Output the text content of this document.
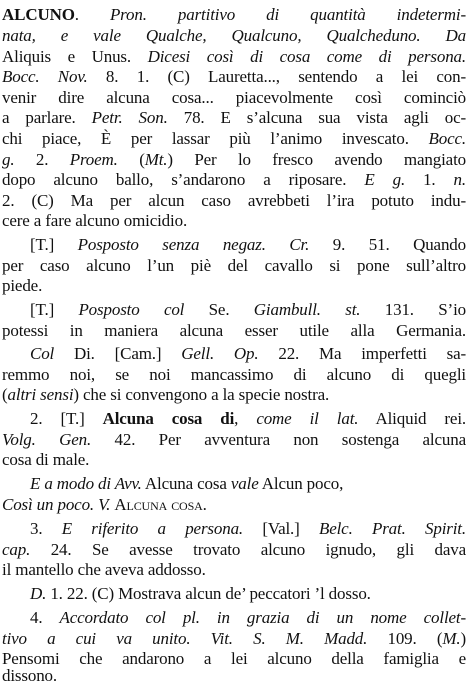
ALCUNO. Pron. partitivo di quantità indetermi-
nata, e vale Qualche, Qualcuno, Qualcheduno. Da
Aliquis e Unus. Dicesi così di cosa come di persona.
Bocc. Nov. 8. 1. (C) Lauretta..., sentendo a lei con-
venir dire alcuna cosa... piacevolmente così cominciò
a parlare. Petr. Son. 78. E s’alcuna sua vista agli oc-
chi piace, È per lassar più l’animo invescato. Bocc.
g. 2. Proem. (Mt.) Per lo fresco avendo mangiato
dopo alcuno ballo, s’andarono a riposare. E g. 1. n.
2. (C) Ma per alcun caso avrebbeti l’ira potuto indu-
cere a fare alcuno omicidio.
[T.] Posposto senza negaz. Cr. 9. 51. Quando
per caso alcuno l’un piè del cavallo si pone sull’altro
piede.
[T.] Posposto col Se. Giambull. st. 131. S’io
potessi in maniera alcuna esser utile alla Germania.
Col Di. [Cam.] Gell. Op. 22. Ma imperfetti sa-
remmo noi, se noi mancassimo di alcuno di quegli
(altri sensi) che si convengono a la specie nostra.
2. [T.] Alcuna cosa di, come il lat. Aliquid rei.
Volg. Gen. 42. Per avventura non sostenga alcuna
cosa di male.
E a modo di Avv. Alcuna cosa vale Alcun poco,
Così un poco. V. Alcuna cosa.
3. E riferito a persona. [Val.] Belc. Prat. Spirit.
cap. 24. Se avesse trovato alcuno ignudo, gli dava
il mantello che aveva addosso.
D. 1. 22. (C) Mostrava alcun de’ peccatori ’l dosso.
4. Accordato col pl. in grazia di un nome collet-
tivo a cui va unito. Vit. S. M. Madd. 109. (M.)
Pensomi che andarono a lei alcuno della famiglia e
dissono.
